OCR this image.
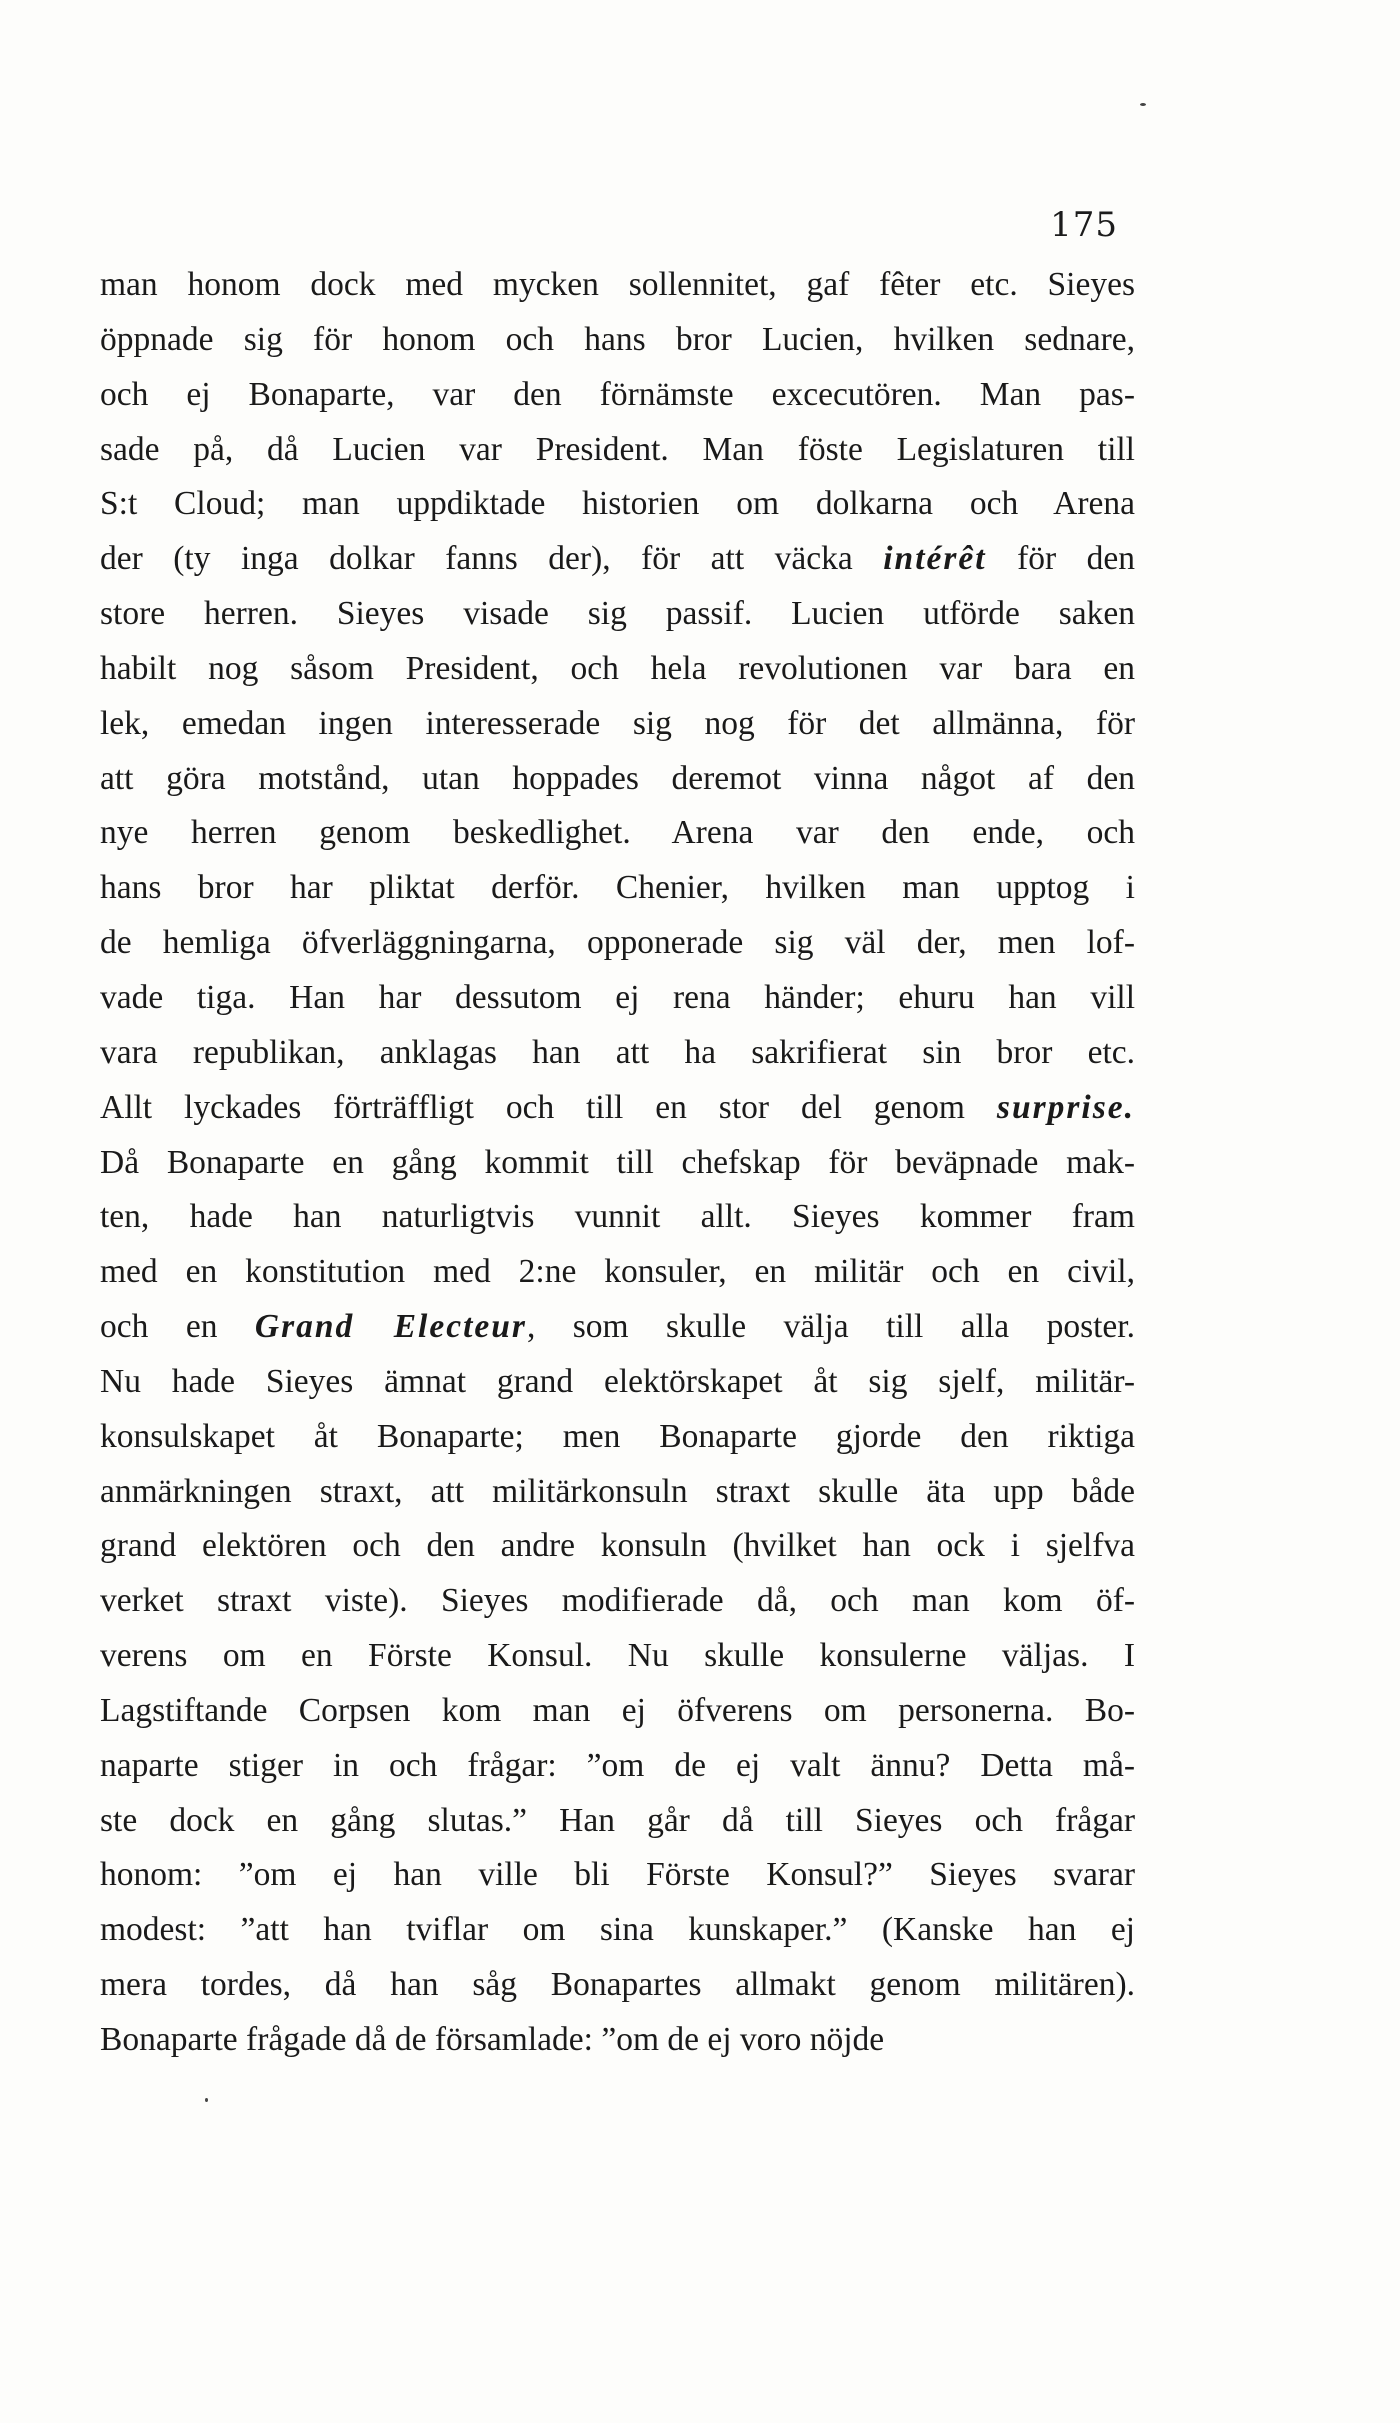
175
man honom dock med mycken sollennitet, gaf fêter etc. Sieyes
öppnade sig för honom och hans bror Lucien, hvilken sednare,
och ej Bonaparte, var den förnämste excecutören. Man pas-
sade på, då Lucien var President. Man föste Legislaturen till
S:t Cloud; man uppdiktade historien om dolkarna och Arena
der (ty inga dolkar fanns der), för att väcka intérêt för den
store herren. Sieyes visade sig passif. Lucien utförde saken
habilt nog såsom President, och hela revolutionen var bara en
lek, emedan ingen interesserade sig nog för det allmänna, för
att göra motstånd, utan hoppades deremot vinna något af den
nye herren genom beskedlighet. Arena var den ende, och
hans bror har pliktat derför. Chenier, hvilken man upptog i
de hemliga öfverläggningarna, opponerade sig väl der, men lof-
vade tiga. Han har dessutom ej rena händer; ehuru han vill
vara republikan, anklagas han att ha sakrifierat sin bror etc.
Allt lyckades förträffligt och till en stor del genom surprise.
Då Bonaparte en gång kommit till chefskap för beväpnade mak-
ten, hade han naturligtvis vunnit allt. Sieyes kommer fram
med en konstitution med 2:ne konsuler, en militär och en civil,
och en Grand Electeur, som skulle välja till alla poster.
Nu hade Sieyes ämnat grand elektörskapet åt sig sjelf, militär-
konsulskapet åt Bonaparte; men Bonaparte gjorde den riktiga
anmärkningen straxt, att militärkonsuln straxt skulle äta upp både
grand elektören och den andre konsuln (hvilket han ock i sjelfva
verket straxt viste). Sieyes modifierade då, och man kom öf-
verens om en Förste Konsul. Nu skulle konsulerne väljas. I
Lagstiftande Corpsen kom man ej öfverens om personerna. Bo-
naparte stiger in och frågar: ”om de ej valt ännu? Detta må-
ste dock en gång slutas.” Han går då till Sieyes och frågar
honom: ”om ej han ville bli Förste Konsul?” Sieyes svarar
modest: ”att han tviflar om sina kunskaper.” (Kanske han ej
mera tordes, då han såg Bonapartes allmakt genom militären).
Bonaparte frågade då de församlade: ”om de ej voro nöjde
